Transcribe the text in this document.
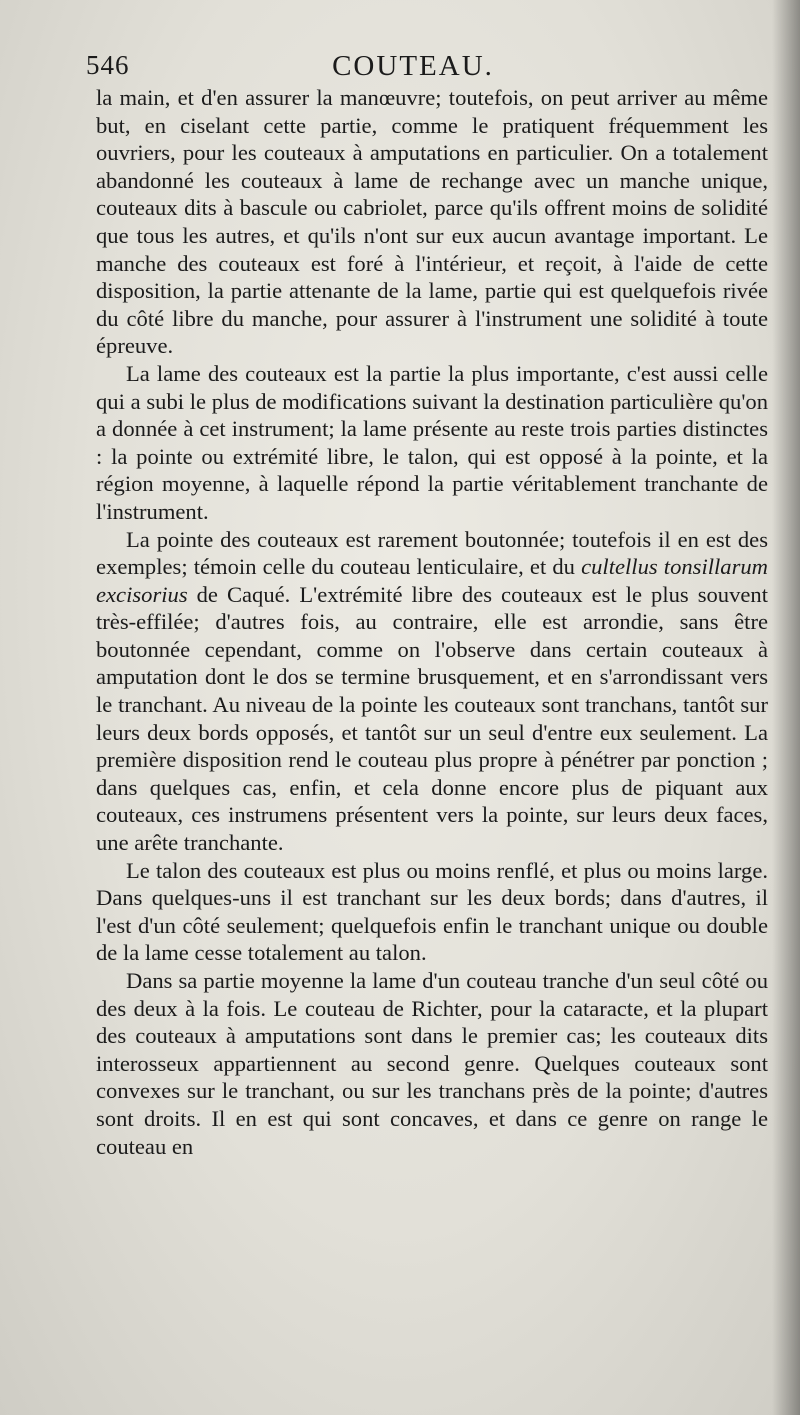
546	COUTEAU.

la main, et d'en assurer la manœuvre; toutefois, on peut arriver au même but, en ciselant cette partie, comme le pratiquent fréquemment les ouvriers, pour les couteaux à amputations en particulier. On a totalement abandonné les couteaux à lame de rechange avec un manche unique, couteaux dits à bascule ou cabriolet, parce qu'ils offrent moins de solidité que tous les autres, et qu'ils n'ont sur eux aucun avantage important. Le manche des couteaux est foré à l'intérieur, et reçoit, à l'aide de cette disposition, la partie attenante de la lame, partie qui est quelquefois rivée du côté libre du manche, pour assurer à l'instrument une solidité à toute épreuve.

La lame des couteaux est la partie la plus importante, c'est aussi celle qui a subi le plus de modifications suivant la destination particulière qu'on a donnée à cet instrument; la lame présente au reste trois parties distinctes : la pointe ou extrémité libre, le talon, qui est opposé à la pointe, et la région moyenne, à laquelle répond la partie véritablement tranchante de l'instrument.

La pointe des couteaux est rarement boutonnée; toutefois il en est des exemples; témoin celle du couteau lenticulaire, et du cultellus tonsillarum excisorius de Caqué. L'extrémité libre des couteaux est le plus souvent très-effilée; d'autres fois, au contraire, elle est arrondie, sans être boutonnée cependant, comme on l'observe dans certain couteaux à amputation dont le dos se termine brusquement, et en s'arrondissant vers le tranchant. Au niveau de la pointe les couteaux sont tranchans, tantôt sur leurs deux bords opposés, et tantôt sur un seul d'entre eux seulement. La première disposition rend le couteau plus propre à pénétrer par ponction ; dans quelques cas, enfin, et cela donne encore plus de piquant aux couteaux, ces instrumens présentent vers la pointe, sur leurs deux faces, une arête tranchante.

Le talon des couteaux est plus ou moins renflé, et plus ou moins large. Dans quelques-uns il est tranchant sur les deux bords; dans d'autres, il l'est d'un côté seulement; quelquefois enfin le tranchant unique ou double de la lame cesse totalement au talon.

Dans sa partie moyenne la lame d'un couteau tranche d'un seul côté ou des deux à la fois. Le couteau de Richter, pour la cataracte, et la plupart des couteaux à amputations sont dans le premier cas; les couteaux dits interosseux appartiennent au second genre. Quelques couteaux sont convexes sur le tranchant, ou sur les tranchans près de la pointe; d'autres sont droits. Il en est qui sont concaves, et dans ce genre on range le couteau en
